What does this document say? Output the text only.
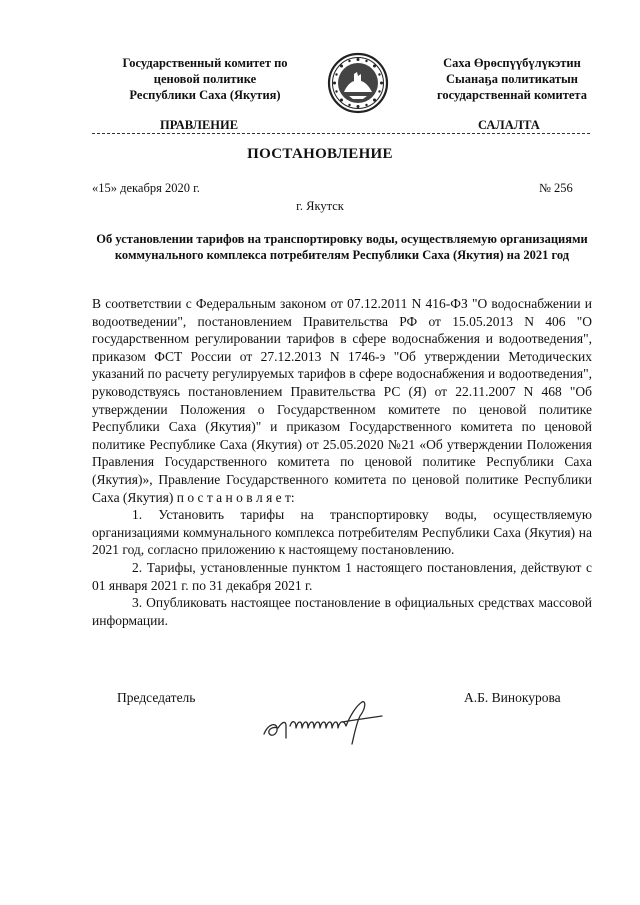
Государственный комитет по
ценовой политике
Республики Саха (Якутия)
Саха Өрөспүүбүлүкэтин
Сыанаҕа политикатын
государственнай комитета
ПРАВЛЕНИЕ	САЛАЛТА
ПОСТАНОВЛЕНИЕ
«15» декабря 2020 г.	№ 256
г. Якутск
Об установлении тарифов на транспортировку воды, осуществляемую организациями коммунального комплекса потребителям Республики Саха (Якутия) на 2021 год

В соответствии с Федеральным законом от 07.12.2011 N 416-ФЗ "О водоснабжении и водоотведении", постановлением Правительства РФ от 15.05.2013 N 406 "О государственном регулировании тарифов в сфере водоснабжения и водоотведения", приказом ФСТ России от 27.12.2013 N 1746-э "Об утверждении Методических указаний по расчету регулируемых тарифов в сфере водоснабжения и водоотведения", руководствуясь постановлением Правительства РС (Я) от 22.11.2007 N 468 "Об утверждении Положения о Государственном комитете по ценовой политике Республики Саха (Якутия)" и приказом Государственного комитета по ценовой политике Республике Саха (Якутия) от 25.05.2020 №21 «Об утверждении Положения Правления Государственного комитета по ценовой политике Республики Саха (Якутия)», Правление Государственного комитета по ценовой политике Республики Саха (Якутия) п о с т а н о в л я е т:

1. Установить тарифы на транспортировку воды, осуществляемую организациями коммунального комплекса потребителям Республики Саха (Якутия) на 2021 год, согласно приложению к настоящему постановлению.

2. Тарифы, установленные пунктом 1 настоящего постановления, действуют с 01 января 2021 г. по 31 декабря 2021 г.

3. Опубликовать настоящее постановление в официальных средствах массовой информации.

Председатель	А.Б. Винокурова
